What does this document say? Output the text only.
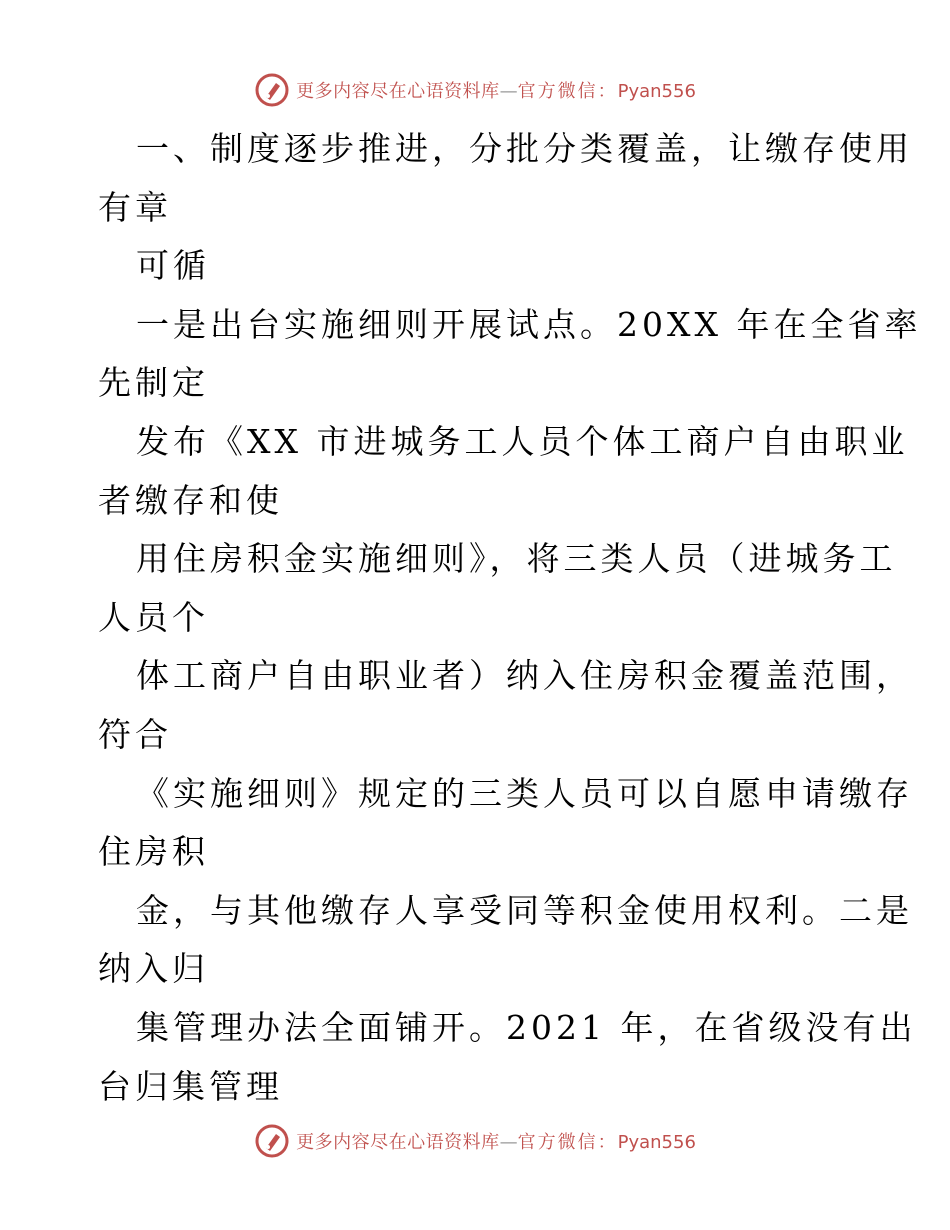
更多内容尽在心语资料库—官方微信：Pyan556
一、制度逐步推进，分批分类覆盖，让缴存使用
有章
可循
一是出台实施细则开展试点。20XX 年在全省率
先制定
发布《XX 市进城务工人员个体工商户自由职业
者缴存和使
用住房积金实施细则》，将三类人员（进城务工
人员个
体工商户自由职业者）纳入住房积金覆盖范围，
符合
《实施细则》规定的三类人员可以自愿申请缴存
住房积
金，与其他缴存人享受同等积金使用权利。二是
纳入归
集管理办法全面铺开。2021 年，在省级没有出
台归集管理
更多内容尽在心语资料库—官方微信：Pyan556
